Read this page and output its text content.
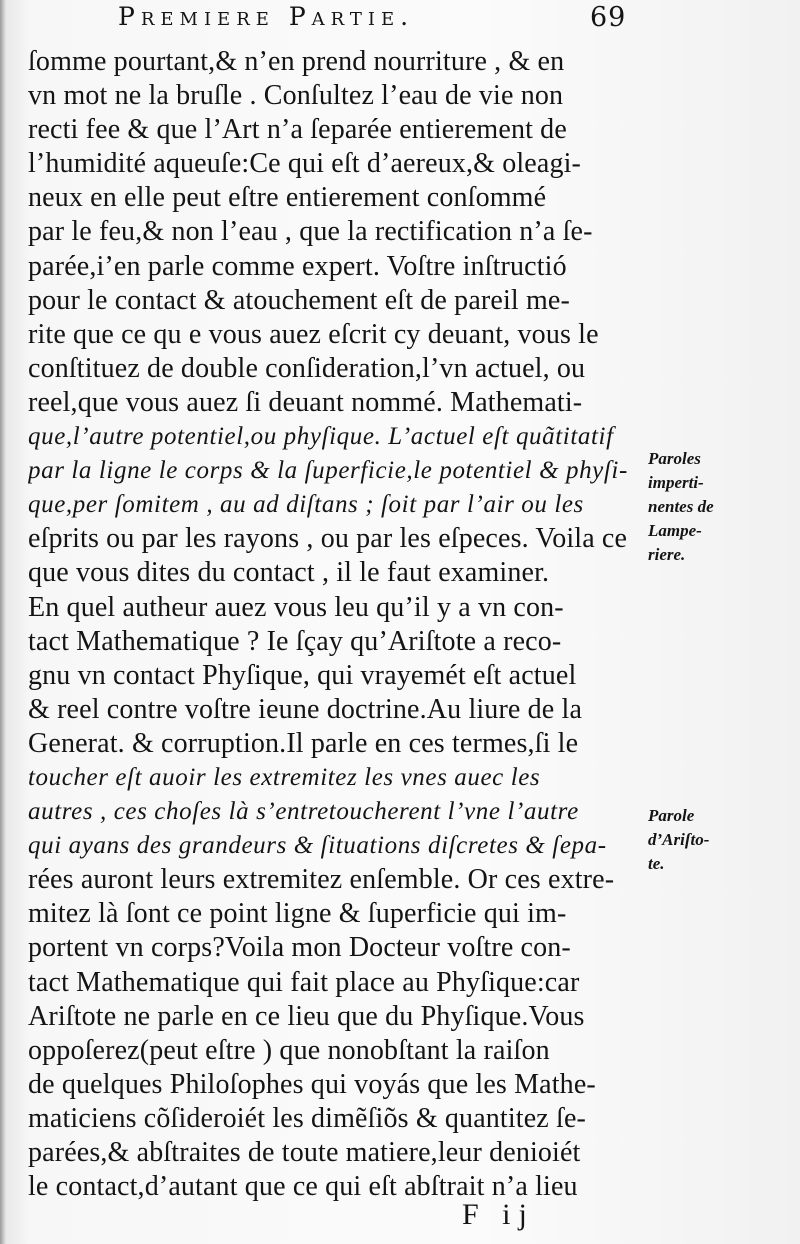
Premiere Partie.	69
ſomme pourtant,& n’en prend nourriture , & en
vn mot ne la bruſle . Conſultez l’eau de vie non
recti fee & que l’Art n’a ſeparée entierement de
l’humidité aqueuſe:Ce qui eſt d’aereux,& oleagi-
neux en elle peut eſtre entierement conſommé
par le feu,& non l’eau , que la rectification n’a ſe-
parée,i’en parle comme expert. Voſtre inſtructió
pour le contact & atouchement eſt de pareil me-
rite que ce qu e vous auez eſcrit cy deuant, vous le
conſtituez de double conſideration,l’vn actuel, ou
reel,que vous auez ſi deuant nommé. Mathemati-
que,l’autre potentiel,ou phyſique. L’actuel eſt quãtitatif
par la ligne le corps & la ſuperficie,le potentiel & phyſi-
que,per ſomitem , au ad diſtans ; ſoit par l’air ou les
eſprits ou par les rayons , ou par les eſpeces. Voila ce
que vous dites du contact , il le faut examiner.
En quel autheur auez vous leu qu’il y a vn con-
tact Mathematique ? Ie ſçay qu’Ariſtote a reco-
gnu vn contact Phyſique, qui vrayemét eſt actuel
& reel contre voſtre ieune doctrine.Au liure de la
Generat. & corruption.Il parle en ces termes,ſi le
toucher eſt auoir les extremitez les vnes auec les
autres , ces choſes là s’entretoucherent l’vne l’autre
qui ayans des grandeurs & ſituations diſcretes & ſepa-
rées auront leurs extremitez enſemble. Or ces extre-
mitez là ſont ce point ligne & ſuperficie qui im-
portent vn corps?Voila mon Docteur voſtre con-
tact Mathematique qui fait place au Phyſique:car
Ariſtote ne parle en ce lieu que du Phyſique.Vous
oppoſerez(peut eſtre ) que nonobſtant la raiſon
de quelques Philoſophes qui voyás que les Mathe-
maticiens cõſideroiét les dimẽſiõs & quantitez ſe-
parées,& abſtraites de toute matiere,leur denioiét
le contact,d’autant que ce qui eſt abſtrait n’a lieu
Paroles
imperti-
nentes de
Lampe-
riere.
Parole
d’Ariſto-
te.
F ij
